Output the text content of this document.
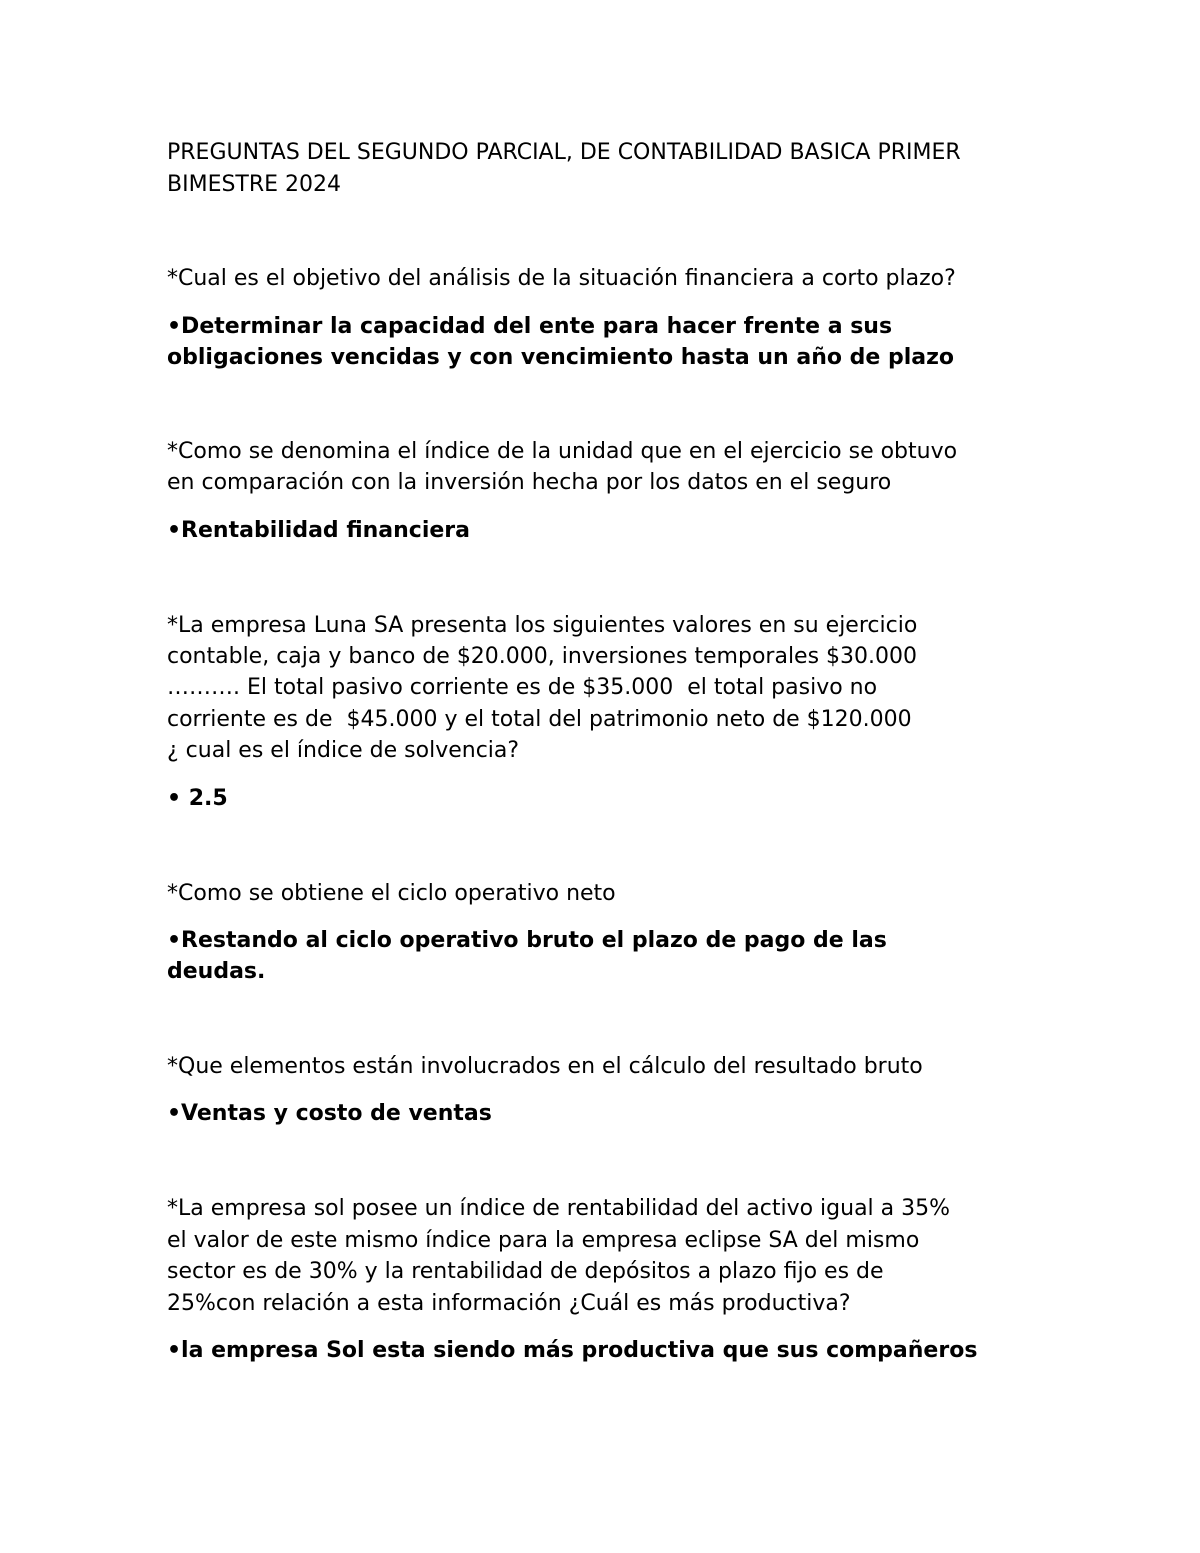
PREGUNTAS DEL SEGUNDO PARCIAL, DE CONTABILIDAD BASICA PRIMER
BIMESTRE 2024
*Cual es el objetivo del análisis de la situación financiera a corto plazo?
•Determinar la capacidad del ente para hacer frente a sus
obligaciones vencidas y con vencimiento hasta un año de plazo
*Como se denomina el índice de la unidad que en el ejercicio se obtuvo
en comparación con la inversión hecha por los datos en el seguro
•Rentabilidad financiera
*La empresa Luna SA presenta los siguientes valores en su ejercicio
contable, caja y banco de $20.000, inversiones temporales $30.000
………. El total pasivo corriente es de $35.000  el total pasivo no
corriente es de  $45.000 y el total del patrimonio neto de $120.000
¿ cual es el índice de solvencia?
• 2.5
*Como se obtiene el ciclo operativo neto
•Restando al ciclo operativo bruto el plazo de pago de las
deudas.
*Que elementos están involucrados en el cálculo del resultado bruto
•Ventas y costo de ventas
*La empresa sol posee un índice de rentabilidad del activo igual a 35%
el valor de este mismo índice para la empresa eclipse SA del mismo
sector es de 30% y la rentabilidad de depósitos a plazo fijo es de
25%con relación a esta información ¿Cuál es más productiva?
•la empresa Sol esta siendo más productiva que sus compañeros
